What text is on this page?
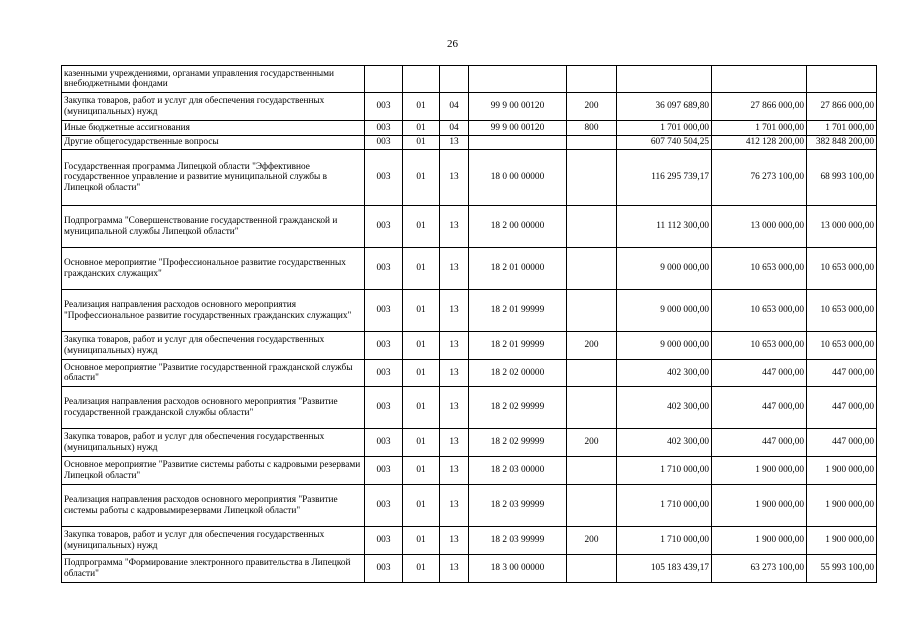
26
казенными учреждениями, органами управления государственными внебюджетными фондами								
Закупка товаров, работ и услуг для обеспечения государственных (муниципальных) нужд	003	01	04	99 9 00 00120	200	36 097 689,80	27 866 000,00	27 866 000,00
Иные бюджетные ассигнования	003	01	04	99 9 00 00120	800	1 701 000,00	1 701 000,00	1 701 000,00
Другие общегосударственные вопросы	003	01	13			607 740 504,25	412 128 200,00	382 848 200,00
Государственная программа Липецкой области "Эффективное государственное управление и развитие муниципальной службы в Липецкой области"	003	01	13	18 0 00 00000		116 295 739,17	76 273 100,00	68 993 100,00
Подпрограмма "Совершенствование государственной гражданской и муниципальной службы Липецкой области"	003	01	13	18 2 00 00000		11 112 300,00	13 000 000,00	13 000 000,00
Основное мероприятие "Профессиональное развитие государственных гражданских служащих"	003	01	13	18 2 01 00000		9 000 000,00	10 653 000,00	10 653 000,00
Реализация направления расходов основного мероприятия "Профессиональное развитие государственных гражданских служащих"	003	01	13	18 2 01 99999		9 000 000,00	10 653 000,00	10 653 000,00
Закупка товаров, работ и услуг для обеспечения государственных (муниципальных) нужд	003	01	13	18 2 01 99999	200	9 000 000,00	10 653 000,00	10 653 000,00
Основное мероприятие "Развитие государственной гражданской службы области"	003	01	13	18 2 02 00000		402 300,00	447 000,00	447 000,00
Реализация направления расходов основного мероприятия "Развитие государственной гражданской службы области"	003	01	13	18 2 02 99999		402 300,00	447 000,00	447 000,00
Закупка товаров, работ и услуг для обеспечения государственных (муниципальных) нужд	003	01	13	18 2 02 99999	200	402 300,00	447 000,00	447 000,00
Основное мероприятие "Развитие системы работы с кадровыми резервами Липецкой области"	003	01	13	18 2 03 00000		1 710 000,00	1 900 000,00	1 900 000,00
Реализация направления расходов основного мероприятия "Развитие системы работы с кадровымирезервами Липецкой области"	003	01	13	18 2 03 99999		1 710 000,00	1 900 000,00	1 900 000,00
Закупка товаров, работ и услуг для обеспечения государственных (муниципальных) нужд	003	01	13	18 2 03 99999	200	1 710 000,00	1 900 000,00	1 900 000,00
Подпрограмма "Формирование электронного правительства в Липецкой области"	003	01	13	18 3 00 00000		105 183 439,17	63 273 100,00	55 993 100,00
